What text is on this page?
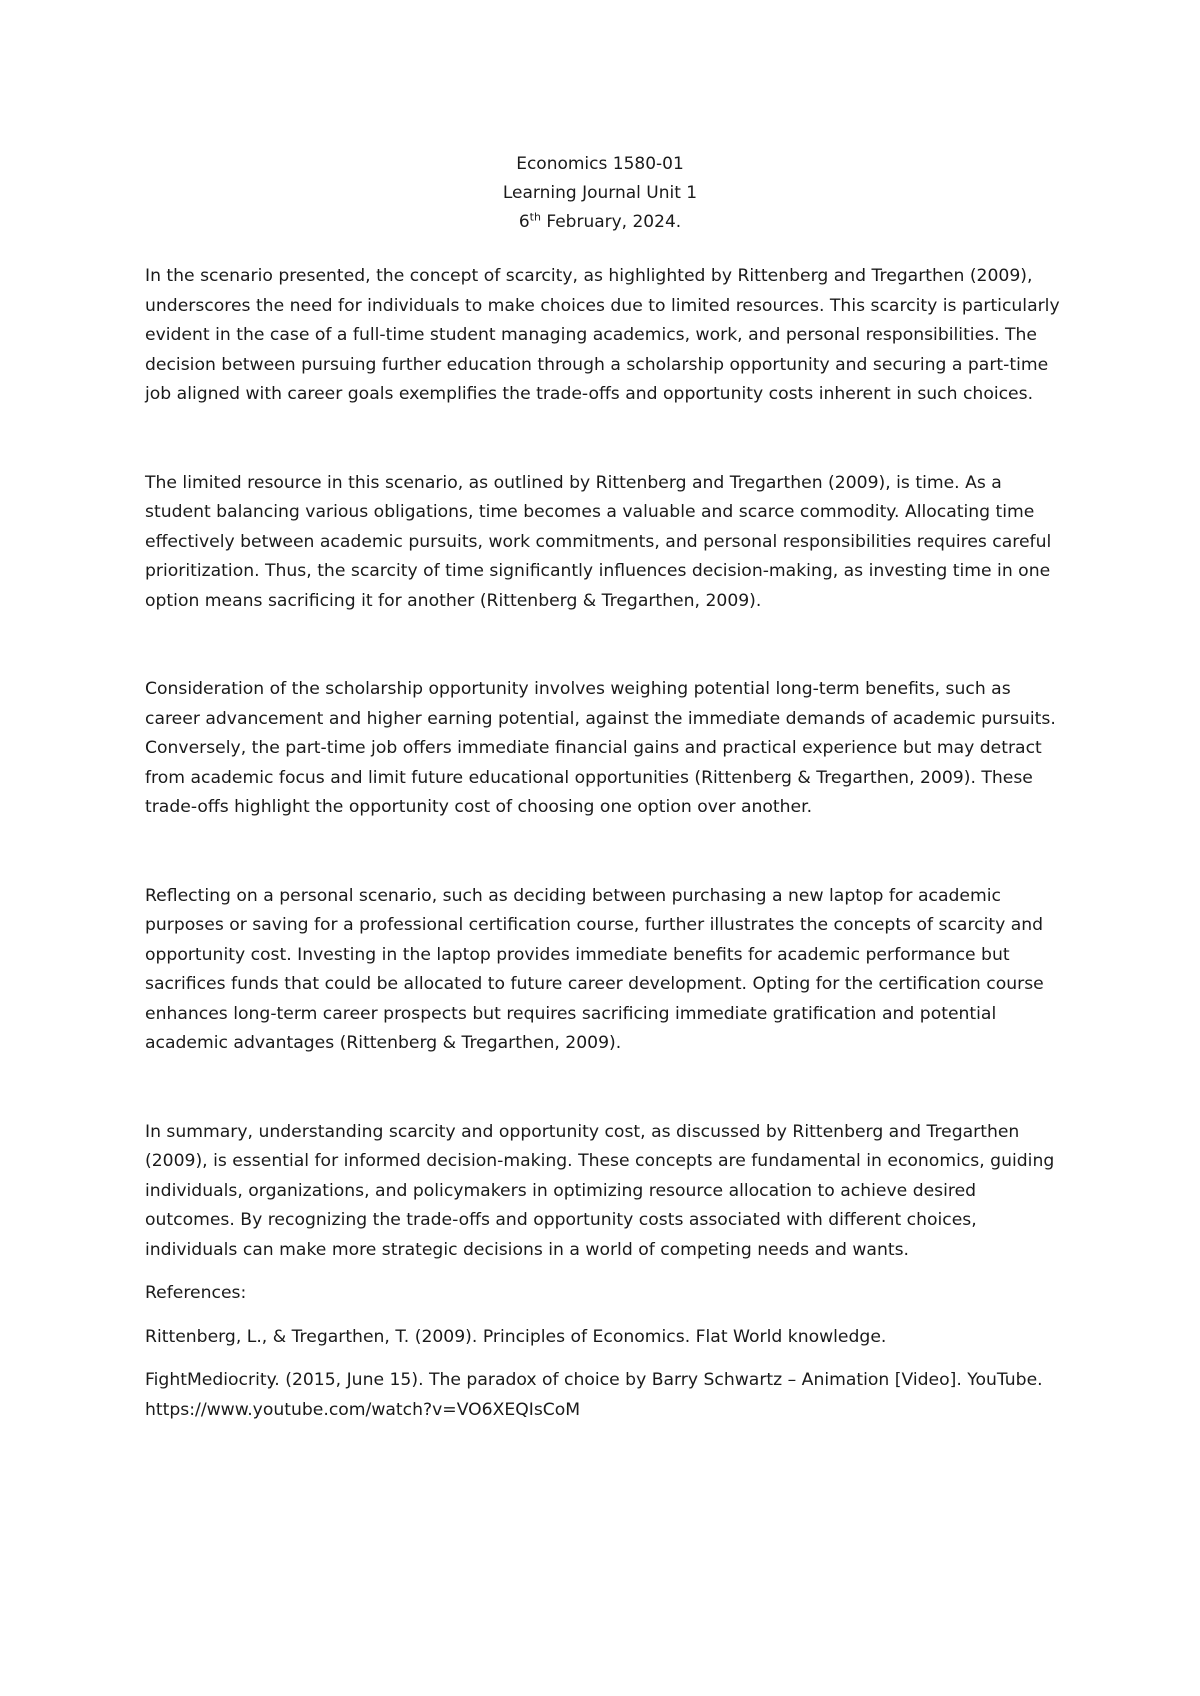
Economics 1580-01
Learning Journal Unit 1
6th February, 2024.

In the scenario presented, the concept of scarcity, as highlighted by Rittenberg and Tregarthen (2009), underscores the need for individuals to make choices due to limited resources. This scarcity is particularly evident in the case of a full-time student managing academics, work, and personal responsibilities. The decision between pursuing further education through a scholarship opportunity and securing a part-time job aligned with career goals exemplifies the trade-offs and opportunity costs inherent in such choices.

The limited resource in this scenario, as outlined by Rittenberg and Tregarthen (2009), is time. As a student balancing various obligations, time becomes a valuable and scarce commodity. Allocating time effectively between academic pursuits, work commitments, and personal responsibilities requires careful prioritization. Thus, the scarcity of time significantly influences decision-making, as investing time in one option means sacrificing it for another (Rittenberg & Tregarthen, 2009).

Consideration of the scholarship opportunity involves weighing potential long-term benefits, such as career advancement and higher earning potential, against the immediate demands of academic pursuits. Conversely, the part-time job offers immediate financial gains and practical experience but may detract from academic focus and limit future educational opportunities (Rittenberg & Tregarthen, 2009). These trade-offs highlight the opportunity cost of choosing one option over another.

Reflecting on a personal scenario, such as deciding between purchasing a new laptop for academic purposes or saving for a professional certification course, further illustrates the concepts of scarcity and opportunity cost. Investing in the laptop provides immediate benefits for academic performance but sacrifices funds that could be allocated to future career development. Opting for the certification course enhances long-term career prospects but requires sacrificing immediate gratification and potential academic advantages (Rittenberg & Tregarthen, 2009).

In summary, understanding scarcity and opportunity cost, as discussed by Rittenberg and Tregarthen (2009), is essential for informed decision-making. These concepts are fundamental in economics, guiding individuals, organizations, and policymakers in optimizing resource allocation to achieve desired outcomes. By recognizing the trade-offs and opportunity costs associated with different choices, individuals can make more strategic decisions in a world of competing needs and wants.

References:

Rittenberg, L., & Tregarthen, T. (2009). Principles of Economics. Flat World knowledge.

FightMediocrity. (2015, June 15). The paradox of choice by Barry Schwartz – Animation [Video]. YouTube. https://www.youtube.com/watch?v=VO6XEQIsCoM
